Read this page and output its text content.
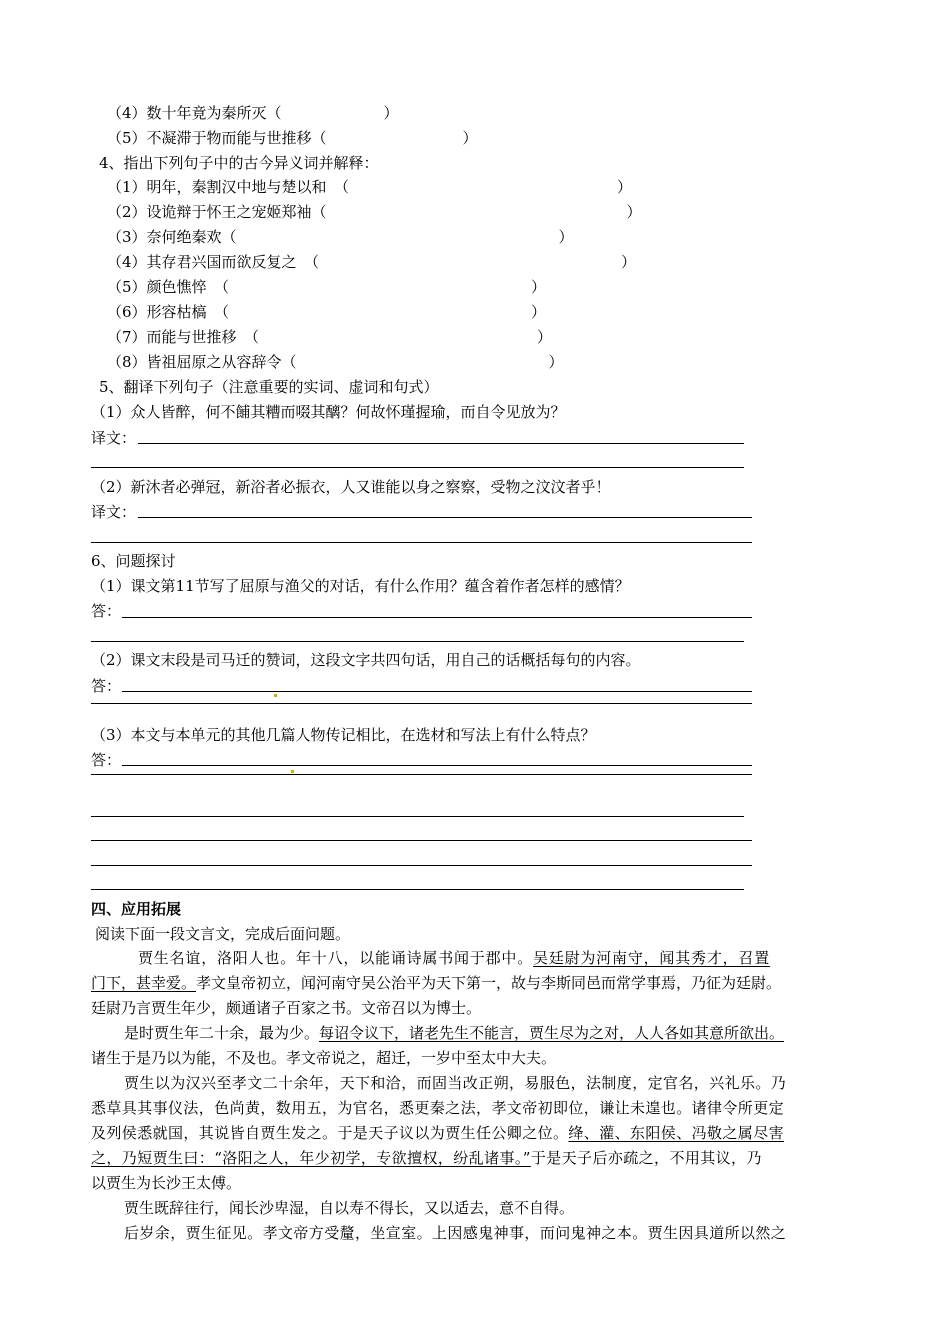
（4）数十年竟为秦所灭（	）
（5）不凝滞于物而能与世推移（	）
4、指出下列句子中的古今异义词并解释：
（1）明年，秦割汉中地与楚以和　（	）
（2）设诡辩于怀王之宠姬郑袖（	）
（3）奈何绝秦欢（	）
（4）其存君兴国而欲反复之　（	）
（5）颜色憔悴　（	）
（6）形容枯槁　（	）
（7）而能与世推移　（	）
（8）皆祖屈原之从容辞令（	）
5、翻译下列句子（注意重要的实词、虚词和句式）
（1）众人皆醉，何不餔其糟而啜其醨？何故怀瑾握瑜，而自令见放为？
译文：
（2）新沐者必弹冠，新浴者必振衣，人又谁能以身之察察，受物之汶汶者乎！
译文：
6、问题探讨
（1）课文第11节写了屈原与渔父的对话，有什么作用？蕴含着作者怎样的感情？
答：
（2）课文末段是司马迁的赞词，这段文字共四句话，用自己的话概括每句的内容。
答：
（3）本文与本单元的其他几篇人物传记相比，在选材和写法上有什么特点？
答：
四、应用拓展
阅读下面一段文言文，完成后面问题。
贾生名谊，洛阳人也。年十八，以能诵诗属书闻于郡中。吴廷尉为河南守，闻其秀才，召置
门下，甚幸爱。孝文皇帝初立，闻河南守吴公治平为天下第一，故与李斯同邑而常学事焉，乃征为廷尉。
廷尉乃言贾生年少，颇通诸子百家之书。文帝召以为博士。
是时贾生年二十余，最为少。每诏令议下，诸老先生不能言，贾生尽为之对，人人各如其意所欲出。
诸生于是乃以为能，不及也。孝文帝说之，超迁，一岁中至太中大夫。
贾生以为汉兴至孝文二十余年，天下和洽，而固当改正朔，易服色，法制度，定官名，兴礼乐。乃
悉草具其事仪法，色尚黄，数用五，为官名，悉更秦之法，孝文帝初即位，谦让未遑也。诸律令所更定
及列侯悉就国，其说皆自贾生发之。于是天子议以为贾生任公卿之位。绛、灌、东阳侯、冯敬之属尽害
之，乃短贾生曰：“洛阳之人，年少初学，专欲擅权，纷乱诸事。”于是天子后亦疏之，不用其议，乃
以贾生为长沙王太傅。
贾生既辞往行，闻长沙卑湿，自以寿不得长，又以适去，意不自得。
后岁余，贾生征见。孝文帝方受釐，坐宣室。上因感鬼神事，而问鬼神之本。贾生因具道所以然之
